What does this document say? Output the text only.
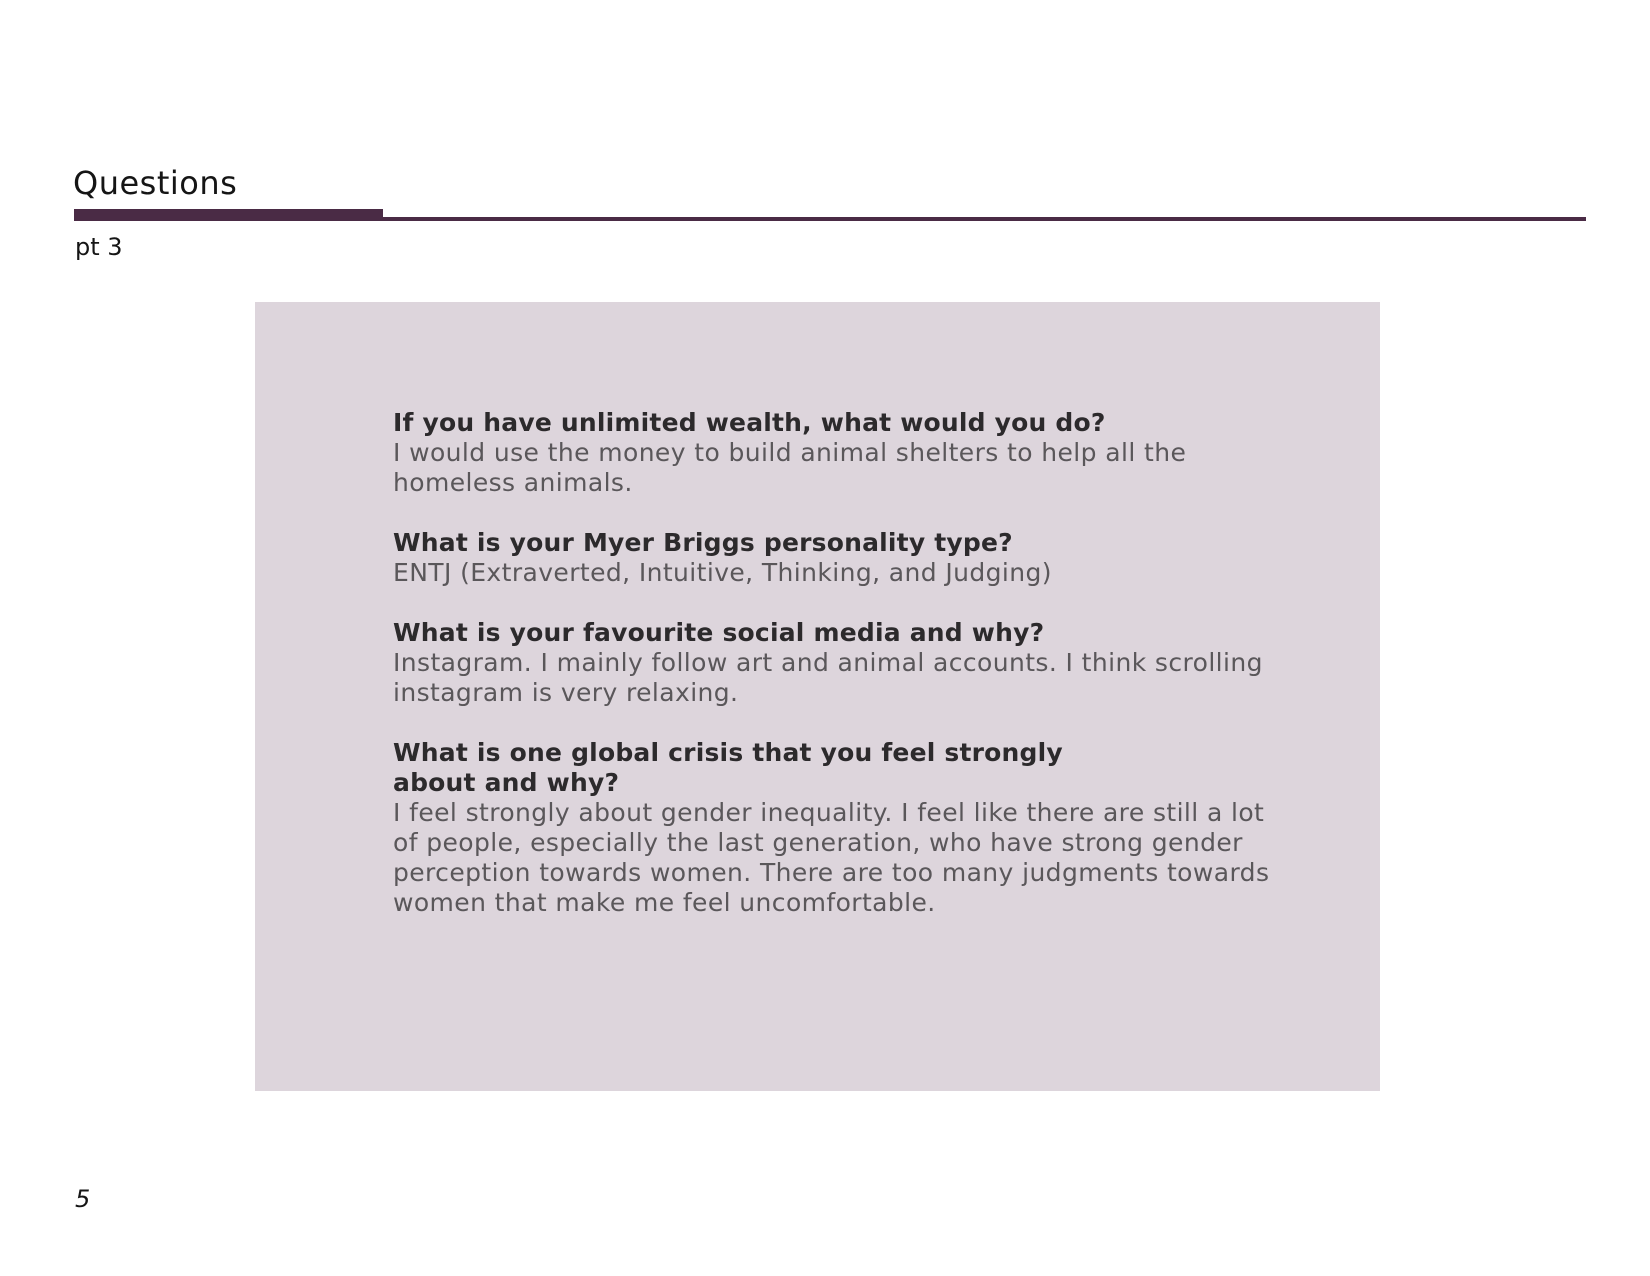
Questions

pt 3

If you have unlimited wealth, what would you do?

I would use the money to build animal shelters to help all the homeless animals.

What is your Myer Briggs personality type?

ENTJ (Extraverted, Intuitive, Thinking, and Judging)

What is your favourite social media and why?

Instagram. I mainly follow art and animal accounts. I think scrolling instagram is very relaxing.

What is one global crisis that you feel strongly about and why?

I feel strongly about gender inequality. I feel like there are still a lot of people, especially the last generation, who have strong gender perception towards women. There are too many judgments towards women that make me feel uncomfortable.

5
